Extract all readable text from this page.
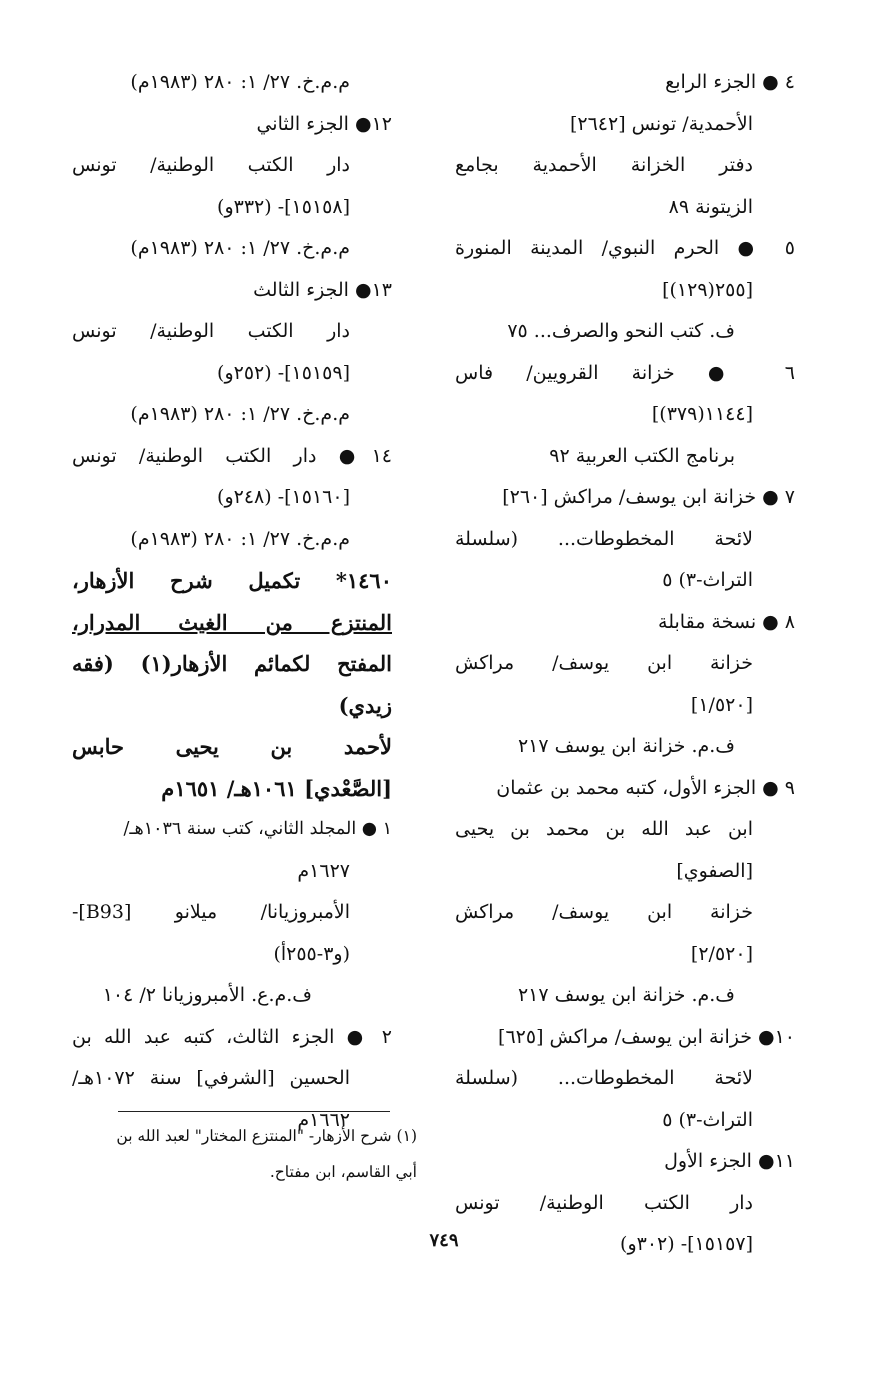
٤ ● الجزء الرابع
الأحمدية/ تونس [٢٦٤٢]
دفتر الخزانة الأحمدية بجامع
الزيتونة ٨٩
٥ ● الحرم النبوي/ المدينة المنورة
[٢٥٥(١٢٩)]
ف. كتب النحو والصرف... ٧٥
٦ ● خزانة القرويين/ فاس
[١١٤٤(٣٧٩)]
برنامج الكتب العربية ٩٢
٧ ● خزانة ابن يوسف/ مراكش [٢٦٠]
لائحة المخطوطات... (سلسلة
التراث-٣) ٥
٨ ● نسخة مقابلة
خزانة ابن يوسف/ مراكش
[١/٥٢٠]
ف.م. خزانة ابن يوسف ٢١٧
٩ ● الجزء الأول، كتبه محمد بن عثمان
ابن عبد الله بن محمد بن يحيى
[الصفوي]
خزانة ابن يوسف/ مراكش
[٢/٥٢٠]
ف.م. خزانة ابن يوسف ٢١٧
١٠● خزانة ابن يوسف/ مراكش [٦٢٥]
لائحة المخطوطات... (سلسلة
التراث-٣) ٥
١١● الجزء الأول
دار الكتب الوطنية/ تونس
[١٥١٥٧]- (٣٠٢و)
م.م.خ. ٢٧/ ١: ٢٨٠ (١٩٨٣م)
١٢● الجزء الثاني
دار الكتب الوطنية/ تونس
[١٥١٥٨]- (٣٣٢و)
م.م.خ. ٢٧/ ١: ٢٨٠ (١٩٨٣م)
١٣● الجزء الثالث
دار الكتب الوطنية/ تونس
[١٥١٥٩]- (٢٥٢و)
م.م.خ. ٢٧/ ١: ٢٨٠ (١٩٨٣م)
١٤● دار الكتب الوطنية/ تونس
[١٥١٦٠]- (٢٤٨و)
م.م.خ. ٢٧/ ١: ٢٨٠ (١٩٨٣م)
١٤٦٠* تكميل شرح الأزهار،
المنتزع من الغيث المدرار،
المفتح لكمائم الأزهار(١) (فقه
زيدي)
لأحمد بن يحيى حابس
[الصَّعْدي] ١٠٦١هـ/ ١٦٥١م
١ ● المجلد الثاني، كتب سنة ١٠٣٦هـ/
١٦٢٧م
الأمبروزيانا/ ميلانو [B93]-
(و٣-٢٥٥أ)
ف.م.ع. الأمبروزيانا ٢/ ١٠٤
٢ ● الجزء الثالث، كتبه عبد الله بن
الحسين [الشرفي] سنة ١٠٧٢هـ/
١٦٦٢م
(١) شرح الأزهار- "المنتزع المختار" لعبد الله بن
أبي القاسم، ابن مفتاح.
٧٤٩
